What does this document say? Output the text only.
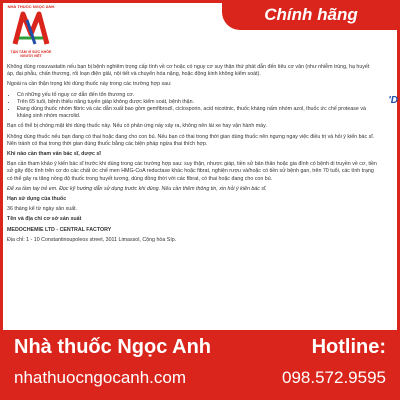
NHÀ THUỐC NGỌC ANH
TẬN TÂM VÌ SỨC KHỎE NGƯỜI VIỆT
Chính hãng
'D

Không dùng rosuvastatin nếu bạn bị bệnh nghiêm trọng cấp tính về cơ hoặc có nguy cơ suy thận thứ phát dẫn đến tiêu cơ vân (như nhiễm trùng, hạ huyết áp, đại phẫu, chấn thương, rối loạn điện giải, nội tiết và chuyển hóa nặng, hoặc động kinh không kiểm soát).

Ngoài ra cần thận trọng khi dùng thuốc này trong các trường hợp sau:

• Có những yếu tố nguy cơ dẫn đến tổn thương cơ.
• Trên 65 tuổi, bệnh thiểu năng tuyến giáp không được kiểm soát, bệnh thận.
• Đang dùng thuốc nhóm fibric và các dẫn xuất bao gồm gemfibrozil, ciclosporin, acid nicotinic, thuốc kháng nấm nhóm azol, thuốc ức chế protease và kháng sinh nhóm macrolid.

Bạn cố thể bị chóng mặt khi dùng thuốc này. Nếu có phản ứng này xảy ra, không nên lái xe hay vận hành máy.

Không dùng thuốc nếu bạn đang có thai hoặc đang cho con bú. Nếu bạn có thai trong thời gian dùng thuốc nên ngưng ngay việc điều trị và hỏi ý kiến bác sĩ. Nên tránh có thai trong thời gian dùng thuốc bằng các biện pháp ngừa thai thích hợp.

Khi nào cần tham vấn bác sĩ, dược sĩ

Bạn cần tham khảo ý kiến bác sĩ trước khi dùng trong các trường hợp sau: suy thận, nhược giáp, tiền sử bản thân hoặc gia đình có bệnh di truyền về cơ, tiền sử gây độc tính trên cơ do các chất ức chế men HMG-CoA reductase khác hoặc fibrat, nghiện rượu và/hoặc có tiền sử bệnh gan, trên 70 tuổi, các tình trạng có thể gây ra tăng nồng độ thuốc trong huyết tương, dùng đồng thời với các fibrat, có thai hoặc đang cho con bú.

Để xa tầm tay trẻ em. Đọc kỹ hướng dẫn sử dụng trước khi dùng. Nếu cần thêm thông tin, xin hỏi ý kiến bác sĩ.

Hạn sử dụng của thuốc

36 tháng kể từ ngày sản xuất.

Tên và địa chỉ cơ sở sản xuất

MEDOCHEMIE LTD - CENTRAL FACTORY

Địa chỉ: 1 - 10 Constantinoupoleos street, 3011 Limassol, Cộng hòa Síp.

Nhà thuốc Ngọc Anh
nhathuocngocanh.com
Hotline:
098.572.9595
